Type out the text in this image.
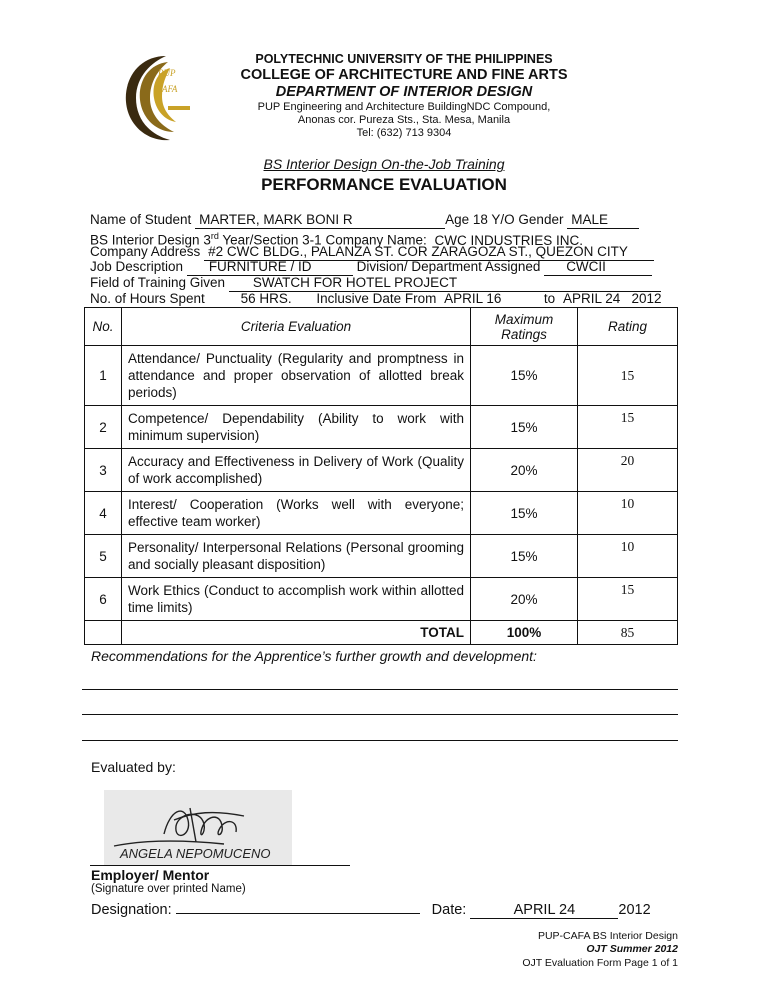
PUP
CAFA
POLYTECHNIC UNIVERSITY OF THE PHILIPPINES
COLLEGE OF ARCHITECTURE AND FINE ARTS
DEPARTMENT OF INTERIOR DESIGN
PUP Engineering and Architecture BuildingNDC Compound,
Anonas cor. Pureza Sts., Sta. Mesa, Manila
Tel: (632) 713 9304
BS Interior Design On-the-Job Training
PERFORMANCE EVALUATION
Name of Student MARTER, MARK BONI R	Age 18 Y/O Gender MALE
BS Interior Design 3rd Year/Section 3-1 Company Name: CWC INDUSTRIES INC.
Company Address #2 CWC BLDG., PALANZA ST. COR ZARAGOZA ST., QUEZON CITY
Job Description FURNITURE / ID	Division/ Department Assigned CWCII
Field of Training Given SWATCH FOR HOTEL PROJECT
No. of Hours Spent	56 HRS. Inclusive Date From APRIL 16	to APRIL 24 2012
No.	Criteria Evaluation	Maximum Ratings	Rating
1	Attendance/ Punctuality (Regularity and promptness in attendance and proper observation of allotted break periods)	15%	15
2	Competence/ Dependability (Ability to work with minimum supervision)	15%	15
3	Accuracy and Effectiveness in Delivery of Work (Quality of work accomplished)	20%	20
4	Interest/ Cooperation (Works well with everyone; effective team worker)	15%	10
5	Personality/ Interpersonal Relations (Personal grooming and socially pleasant disposition)	15%	10
6	Work Ethics (Conduct to accomplish work within allotted time limits)	20%	15
	TOTAL	100%	85
Recommendations for the Apprentice’s further growth and development:
Evaluated by:
ANGELA NEPOMUCENO
Employer/ Mentor
(Signature over printed Name)
Designation:	Date:	APRIL 24	2012
PUP-CAFA BS Interior Design
OJT Summer 2012
OJT Evaluation Form Page 1 of 1
